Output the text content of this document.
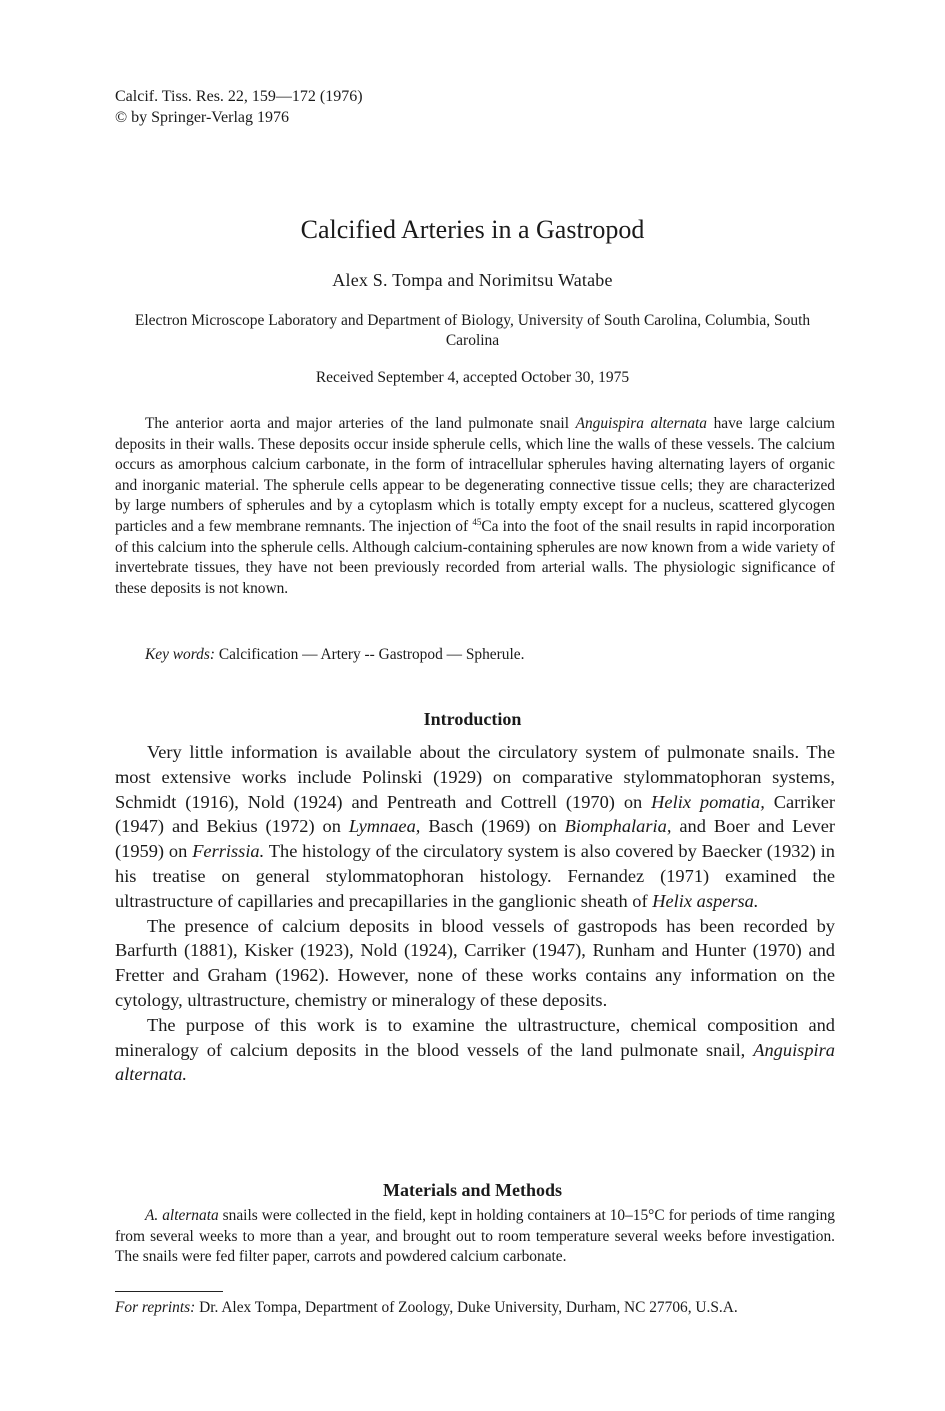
Calcif. Tiss. Res. 22, 159—172 (1976)
© by Springer-Verlag 1976
Calcified Arteries in a Gastropod
Alex S. Tompa and Norimitsu Watabe
Electron Microscope Laboratory and Department of Biology, University of South Carolina, Columbia, South Carolina
Received September 4, accepted October 30, 1975

The anterior aorta and major arteries of the land pulmonate snail Anguispira alternata have large calcium deposits in their walls. These deposits occur inside spherule cells, which line the walls of these vessels. The calcium occurs as amorphous calcium carbonate, in the form of intracellular spherules having alternating layers of organic and inorganic material. The spherule cells appear to be degenerating connective tissue cells; they are characterized by large numbers of spherules and by a cytoplasm which is totally empty except for a nucleus, scattered glycogen particles and a few membrane remnants. The injection of $^{45}$Ca into the foot of the snail results in rapid incorporation of this calcium into the spherule cells. Although calcium-containing spherules are now known from a wide variety of invertebrate tissues, they have not been previously recorded from arterial walls. The physiologic significance of these deposits is not known.

Key words: Calcification — Artery -- Gastropod — Spherule.
Introduction

Very little information is available about the circulatory system of pulmonate snails. The most extensive works include Polinski (1929) on comparative stylommatophoran systems, Schmidt (1916), Nold (1924) and Pentreath and Cottrell (1970) on Helix pomatia, Carriker (1947) and Bekius (1972) on Lymnaea, Basch (1969) on Biomphalaria, and Boer and Lever (1959) on Ferrissia. The histology of the circulatory system is also covered by Baecker (1932) in his treatise on general stylommatophoran histology. Fernandez (1971) examined the ultrastructure of capillaries and precapillaries in the ganglionic sheath of Helix aspersa.

The presence of calcium deposits in blood vessels of gastropods has been recorded by Barfurth (1881), Kisker (1923), Nold (1924), Carriker (1947), Runham and Hunter (1970) and Fretter and Graham (1962). However, none of these works contains any information on the cytology, ultrastructure, chemistry or mineralogy of these deposits.

The purpose of this work is to examine the ultrastructure, chemical composition and mineralogy of calcium deposits in the blood vessels of the land pulmonate snail, Anguispira alternata.

Materials and Methods

A. alternata snails were collected in the field, kept in holding containers at 10–15°C for periods of time ranging from several weeks to more than a year, and brought out to room temperature several weeks before investigation. The snails were fed filter paper, carrots and powdered calcium carbonate.

For reprints: Dr. Alex Tompa, Department of Zoology, Duke University, Durham, NC 27706, U.S.A.
